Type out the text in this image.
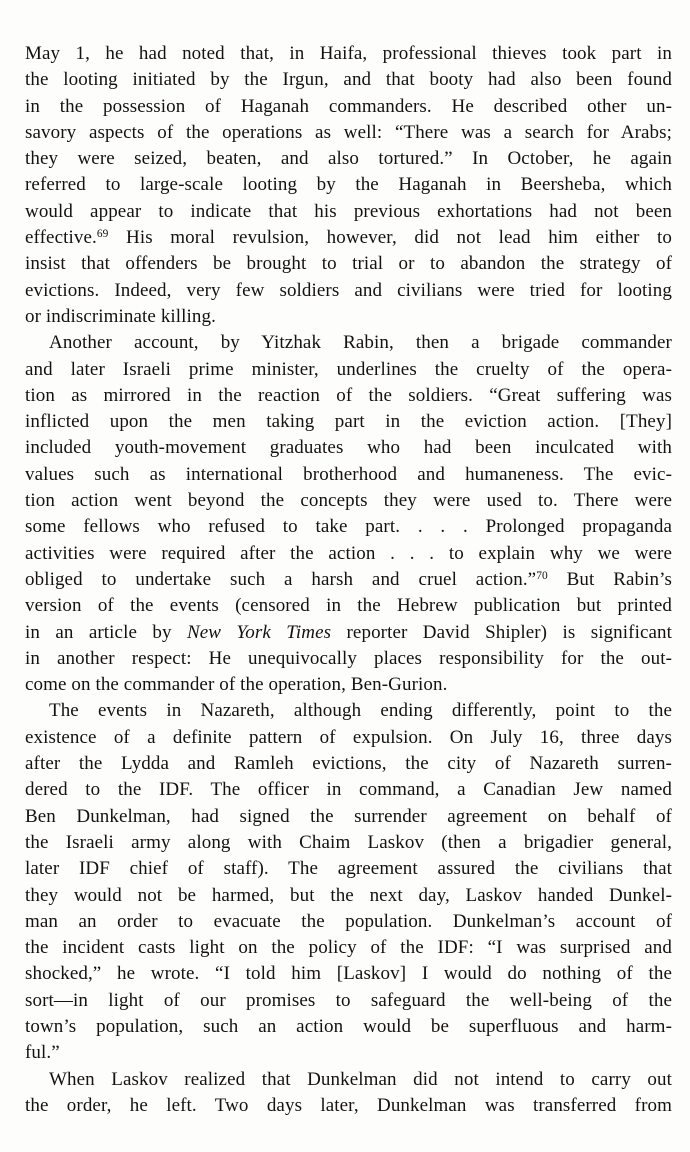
May 1, he had noted that, in Haifa, professional thieves took part in
the looting initiated by the Irgun, and that booty had also been found
in the possession of Haganah commanders. He described other un-
savory aspects of the operations as well: “There was a search for Arabs;
they were seized, beaten, and also tortured.” In October, he again
referred to large-scale looting by the Haganah in Beersheba, which
would appear to indicate that his previous exhortations had not been
effective.$^{69}$ His moral revulsion, however, did not lead him either to
insist that offenders be brought to trial or to abandon the strategy of
evictions. Indeed, very few soldiers and civilians were tried for looting
or indiscriminate killing.
Another account, by Yitzhak Rabin, then a brigade commander
and later Israeli prime minister, underlines the cruelty of the opera-
tion as mirrored in the reaction of the soldiers. “Great suffering was
inflicted upon the men taking part in the eviction action. [They]
included youth-movement graduates who had been inculcated with
values such as international brotherhood and humaneness. The evic-
tion action went beyond the concepts they were used to. There were
some fellows who refused to take part. . . . Prolonged propaganda
activities were required after the action . . . to explain why we were
obliged to undertake such a harsh and cruel action.”$^{70}$ But Rabin’s
version of the events (censored in the Hebrew publication but printed
in an article by New York Times reporter David Shipler) is significant
in another respect: He unequivocally places responsibility for the out-
come on the commander of the operation, Ben-Gurion.
The events in Nazareth, although ending differently, point to the
existence of a definite pattern of expulsion. On July 16, three days
after the Lydda and Ramleh evictions, the city of Nazareth surren-
dered to the IDF. The officer in command, a Canadian Jew named
Ben Dunkelman, had signed the surrender agreement on behalf of
the Israeli army along with Chaim Laskov (then a brigadier general,
later IDF chief of staff). The agreement assured the civilians that
they would not be harmed, but the next day, Laskov handed Dunkel-
man an order to evacuate the population. Dunkelman’s account of
the incident casts light on the policy of the IDF: “I was surprised and
shocked,” he wrote. “I told him [Laskov] I would do nothing of the
sort—in light of our promises to safeguard the well-being of the
town’s population, such an action would be superfluous and harm-
ful.”
When Laskov realized that Dunkelman did not intend to carry out
the order, he left. Two days later, Dunkelman was transferred from
